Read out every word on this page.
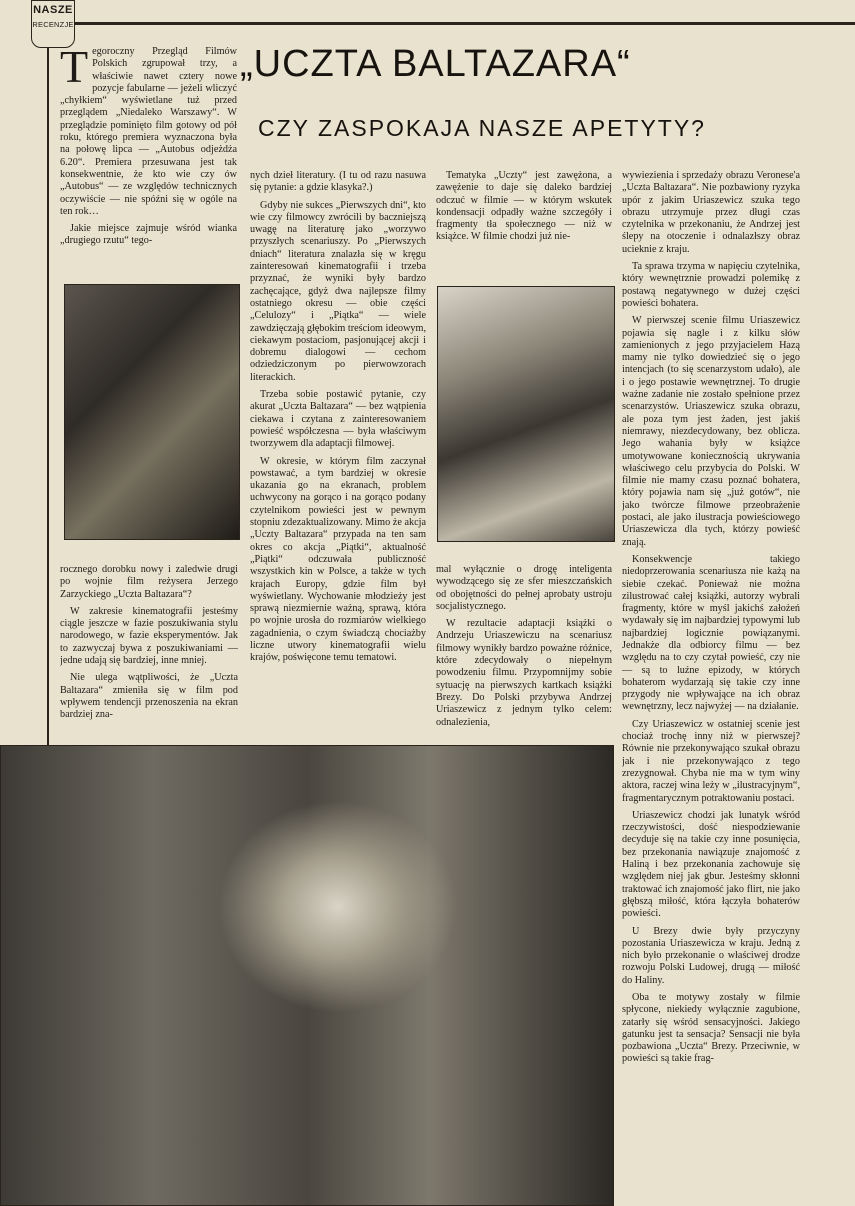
NASZE
RECENZJE
„UCZTA BALTAZARA“
CZY ZASPOKAJA NASZE APETYTY?

Tegoroczny Przegląd Filmów Polskich zgrupował trzy, a właściwie nawet cztery nowe pozycje fabularne — jeżeli wliczyć „chyłkiem“ wyświetlane tuż przed przeglądem „Niedaleko Warszawy“. W przeglądzie pominięto film gotowy od pół roku, którego premiera wyznaczona była na połowę lipca — „Autobus odjeżdża 6.20“. Premiera przesuwana jest tak konsekwentnie, że kto wie czy ów „Autobus“ — ze względów technicznych oczywiście — nie spóźni się w ogóle na ten rok…

Jakie miejsce zajmuje wśród wianka „drugiego rzutu“ tego-

rocznego dorobku nowy i zaledwie drugi po wojnie film reżysera Jerzego Zarzyckiego „Uczta Baltazara“?

W zakresie kinematografii jesteśmy ciągle jeszcze w fazie poszukiwania stylu narodowego, w fazie eksperymentów. Jak to zazwyczaj bywa z poszukiwaniami — jedne udają się bardziej, inne mniej.

Nie ulega wątpliwości, że „Uczta Baltazara“ zmieniła się w film pod wpływem tendencji przenoszenia na ekran bardziej zna-

nych dzieł literatury. (I tu od razu nasuwa się pytanie: a gdzie klasyka?.)

Gdyby nie sukces „Pierwszych dni“, kto wie czy filmowcy zwrócili by baczniejszą uwagę na literaturę jako „worzywo przyszłych scenariuszy. Po „Pierwszych dniach“ literatura znalazła się w kręgu zainteresowań kinematografii i trzeba przyznać, że wyniki były bardzo zachęcające, gdyż dwa najlepsze filmy ostatniego okresu — obie części „Celulozy“ i „Piątka“ — wiele zawdzięczają głębokim treściom ideowym, ciekawym postaciom, pasjonującej akcji i dobremu dialogowi — cechom odziedziczonym po pierwowzorach literackich.

Trzeba sobie postawić pytanie, czy akurat „Uczta Baltazara“ — bez wątpienia ciekawa i czytana z zainteresowaniem powieść współczesna — była właściwym tworzywem dla adaptacji filmowej.

W okresie, w którym film zaczynał powstawać, a tym bardziej w okresie ukazania go na ekranach, problem uchwycony na gorąco i na gorąco podany czytelnikom powieści jest w pewnym stopniu zdezaktualizowany. Mimo że akcja „Uczty Baltazara“ przypada na ten sam okres co akcja „Piątki“, aktualność „Piątki“ odczuwała publiczność wszystkich kin w Polsce, a także w tych krajach Europy, gdzie film był wyświetlany. Wychowanie młodzieży jest sprawą niezmiernie ważną, sprawą, która po wojnie urosła do rozmiarów wielkiego zagadnienia, o czym świadczą chociażby liczne utwory kinematografii wielu krajów, poświęcone temu tematowi.

Tematyka „Uczty“ jest zawężona, a zawężenie to daje się daleko bardziej odczuć w filmie — w którym wskutek kondensacji odpadły ważne szczegóły i fragmenty tła społecznego — niż w książce. W filmie chodzi już nie-

mal wyłącznie o drogę inteligenta wywodzącego się ze sfer mieszczańskich od obojętności do pełnej aprobaty ustroju socjalistycznego.

W rezultacie adaptacji książki o Andrzeju Uriaszewiczu na scenariusz filmowy wynikły bardzo poważne różnice, które zdecydowały o niepełnym powodzeniu filmu. Przypomnijmy sobie sytuację na pierwszych kartkach książki Brezy. Do Polski przybywa Andrzej Uriaszewicz z jednym tylko celem: odnalezienia,

wywiezienia i sprzedaży obrazu Veronese'a „Uczta Baltazara“. Nie pozbawiony ryzyka upór z jakim Uriaszewicz szuka tego obrazu utrzymuje przez długi czas czytelnika w przekonaniu, że Andrzej jest ślepy na otoczenie i odnalazłszy obraz ucieknie z kraju.

Ta sprawa trzyma w napięciu czytelnika, który wewnętrznie prowadzi polemikę z postawą negatywnego w dużej części powieści bohatera.

W pierwszej scenie filmu Uriaszewicz pojawia się nagle i z kilku słów zamienionych z jego przyjacielem Hazą mamy nie tylko dowiedzieć się o jego intencjach (to się scenarzystom udało), ale i o jego postawie wewnętrznej. To drugie ważne zadanie nie zostało spełnione przez scenarzystów. Uriaszewicz szuka obrazu, ale poza tym jest żaden, jest jakiś niemrawy, niezdecydowany, bez oblicza. Jego wahania były w książce umotywowane koniecznością ukrywania właściwego celu przybycia do Polski. W filmie nie mamy czasu poznać bohatera, który pojawia nam się „już gotów“, nie jako twórcze filmowe przeobrażenie postaci, ale jako ilustracja powieściowego Uriaszewicza dla tych, którzy powieść znają.

Konsekwencje takiego niedoprzerowania scenariusza nie każą na siebie czekać. Ponieważ nie można zilustrować całej książki, autorzy wybrali fragmenty, które w myśl jakichś założeń wydawały się im najbardziej typowymi lub najbardziej logicznie powiązanymi. Jednakże dla odbiorcy filmu — bez względu na to czy czytał powieść, czy nie — są to luźne epizody, w których bohaterom wydarzają się takie czy inne przygody nie wpływające na ich obraz wewnętrzny, lecz najwyżej — na działanie.

Czy Uriaszewicz w ostatniej scenie jest chociaż trochę inny niż w pierwszej? Równie nie przekonywająco szukał obrazu jak i nie przekonywająco z tego zrezygnował. Chyba nie ma w tym winy aktora, raczej wina leży w „ilustracyjnym“, fragmentarycznym potraktowaniu postaci.

Uriaszewicz chodzi jak lunatyk wśród rzeczywistości, dość niespodziewanie decyduje się na takie czy inne posunięcia, bez przekonania nawiązuje znajomość z Haliną i bez przekonania zachowuje się względem niej jak gbur. Jesteśmy skłonni traktować ich znajomość jako flirt, nie jako głębszą miłość, która łączyła bohaterów powieści.

U Brezy dwie były przyczyny pozostania Uriaszewicza w kraju. Jedną z nich było przekonanie o właściwej drodze rozwoju Polski Ludowej, drugą — miłość do Haliny.

Oba te motywy zostały w filmie spłycone, niekiedy wyłącznie zagubione, zatarły się wśród sensacyjności. Jakiego gatunku jest ta sensacja? Sensacji nie była pozbawiona „Uczta“ Brezy. Przeciwnie, w powieści są takie frag-
